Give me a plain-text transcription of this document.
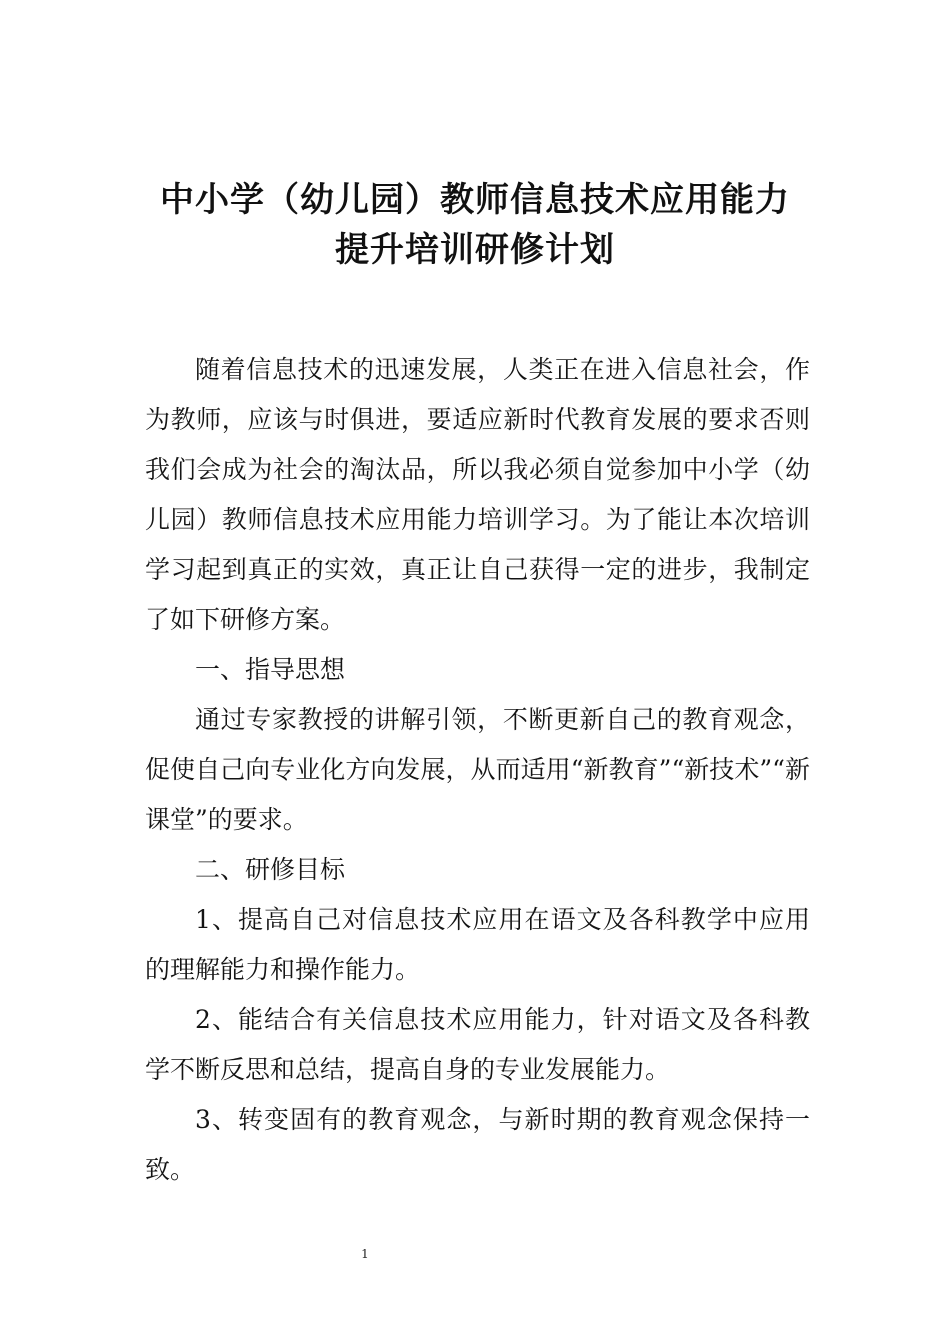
中小学（幼儿园）教师信息技术应用能力
提升培训研修计划

随着信息技术的迅速发展，人类正在进入信息社会，作为教师，应该与时俱进，要适应新时代教育发展的要求否则我们会成为社会的淘汰品，所以我必须自觉参加中小学（幼儿园）教师信息技术应用能力培训学习。为了能让本次培训学习起到真正的实效，真正让自己获得一定的进步，我制定了如下研修方案。

一、指导思想

通过专家教授的讲解引领，不断更新自己的教育观念，促使自己向专业化方向发展，从而适用“新教育”“新技术”“新课堂”的要求。

二、研修目标

1、提高自己对信息技术应用在语文及各科教学中应用的理解能力和操作能力。

2、能结合有关信息技术应用能力，针对语文及各科教学不断反思和总结，提高自身的专业发展能力。

3、转变固有的教育观念，与新时期的教育观念保持一致。

1
